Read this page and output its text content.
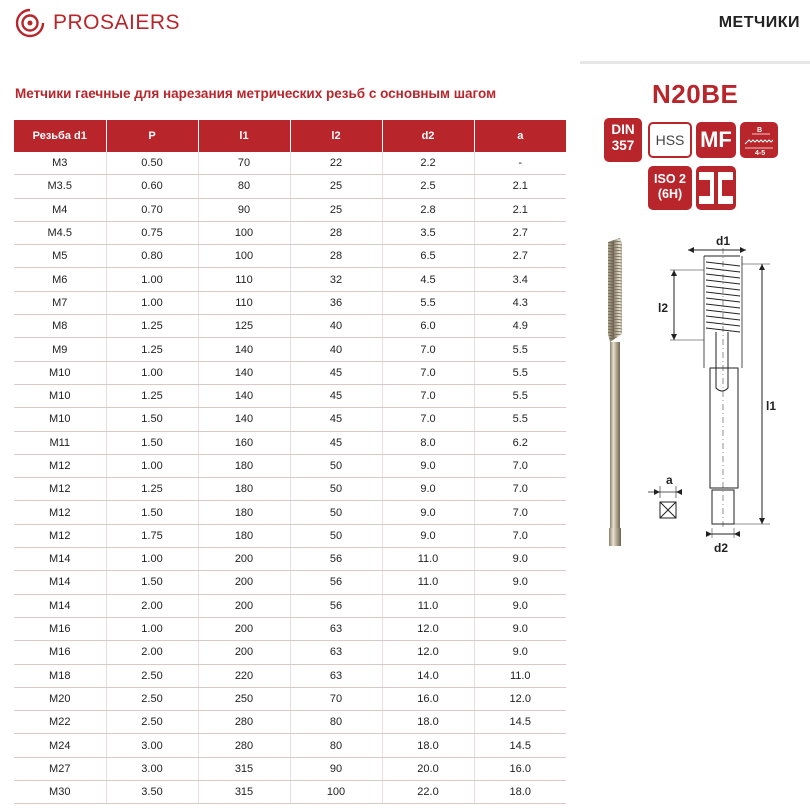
PROSAIERS	МЕТЧИКИ
Метчики гаечные для нарезания метрических резьб с основным шагом	N20BE
Резьба d1	P	l1	l2	d2	a
M3	0.50	70	22	2.2	-
M3.5	0.60	80	25	2.5	2.1
M4	0.70	90	25	2.8	2.1
M4.5	0.75	100	28	3.5	2.7
M5	0.80	100	28	6.5	2.7
M6	1.00	110	32	4.5	3.4
M7	1.00	110	36	5.5	4.3
M8	1.25	125	40	6.0	4.9
M9	1.25	140	40	7.0	5.5
M10	1.00	140	45	7.0	5.5
M10	1.25	140	45	7.0	5.5
M10	1.50	140	45	7.0	5.5
M11	1.50	160	45	8.0	6.2
M12	1.00	180	50	9.0	7.0
M12	1.25	180	50	9.0	7.0
M12	1.50	180	50	9.0	7.0
M12	1.75	180	50	9.0	7.0
M14	1.00	200	56	11.0	9.0
M14	1.50	200	56	11.0	9.0
M14	2.00	200	56	11.0	9.0
M16	1.00	200	63	12.0	9.0
M16	2.00	200	63	12.0	9.0
M18	2.50	220	63	14.0	11.0
M20	2.50	250	70	16.0	12.0
M22	2.50	280	80	18.0	14.5
M24	3.00	280	80	18.0	14.5
M27	3.00	315	90	20.0	16.0
M30	3.50	315	100	22.0	18.0
DIN
357	HSS MF	B
4-5
ISO 2
(6H)
d1
l2
l1
a
d2
